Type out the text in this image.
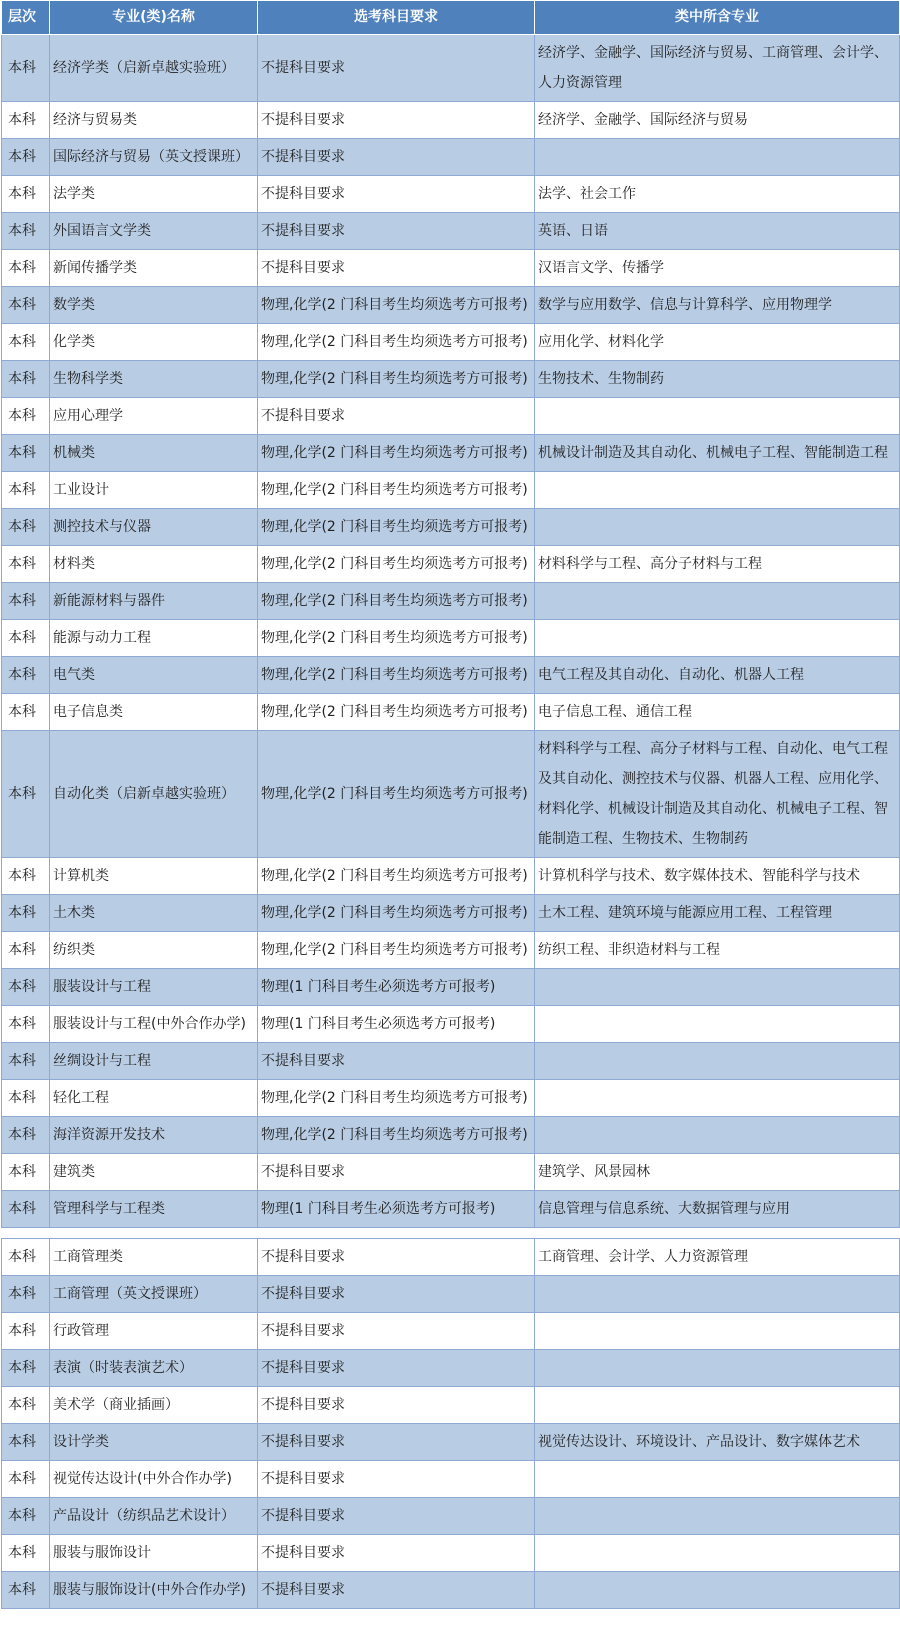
层次	专业(类)名称	选考科目要求	类中所含专业
本科	经济学类（启新卓越实验班）	不提科目要求	经济学、金融学、国际经济与贸易、工商管理、会计学、人力资源管理
本科	经济与贸易类	不提科目要求	经济学、金融学、国际经济与贸易
本科	国际经济与贸易（英文授课班）	不提科目要求	
本科	法学类	不提科目要求	法学、社会工作
本科	外国语言文学类	不提科目要求	英语、日语
本科	新闻传播学类	不提科目要求	汉语言文学、传播学
本科	数学类	物理,化学(2 门科目考生均须选考方可报考)	数学与应用数学、信息与计算科学、应用物理学
本科	化学类	物理,化学(2 门科目考生均须选考方可报考)	应用化学、材料化学
本科	生物科学类	物理,化学(2 门科目考生均须选考方可报考)	生物技术、生物制药
本科	应用心理学	不提科目要求	
本科	机械类	物理,化学(2 门科目考生均须选考方可报考)	机械设计制造及其自动化、机械电子工程、智能制造工程
本科	工业设计	物理,化学(2 门科目考生均须选考方可报考)	
本科	测控技术与仪器	物理,化学(2 门科目考生均须选考方可报考)	
本科	材料类	物理,化学(2 门科目考生均须选考方可报考)	材料科学与工程、高分子材料与工程
本科	新能源材料与器件	物理,化学(2 门科目考生均须选考方可报考)	
本科	能源与动力工程	物理,化学(2 门科目考生均须选考方可报考)	
本科	电气类	物理,化学(2 门科目考生均须选考方可报考)	电气工程及其自动化、自动化、机器人工程
本科	电子信息类	物理,化学(2 门科目考生均须选考方可报考)	电子信息工程、通信工程
本科	自动化类（启新卓越实验班）	物理,化学(2 门科目考生均须选考方可报考)	材料科学与工程、高分子材料与工程、自动化、电气工程及其自动化、测控技术与仪器、机器人工程、应用化学、材料化学、机械设计制造及其自动化、机械电子工程、智能制造工程、生物技术、生物制药
本科	计算机类	物理,化学(2 门科目考生均须选考方可报考)	计算机科学与技术、数字媒体技术、智能科学与技术
本科	土木类	物理,化学(2 门科目考生均须选考方可报考)	土木工程、建筑环境与能源应用工程、工程管理
本科	纺织类	物理,化学(2 门科目考生均须选考方可报考)	纺织工程、非织造材料与工程
本科	服装设计与工程	物理(1 门科目考生必须选考方可报考)	
本科	服装设计与工程(中外合作办学)	物理(1 门科目考生必须选考方可报考)	
本科	丝绸设计与工程	不提科目要求	
本科	轻化工程	物理,化学(2 门科目考生均须选考方可报考)	
本科	海洋资源开发技术	物理,化学(2 门科目考生均须选考方可报考)	
本科	建筑类	不提科目要求	建筑学、风景园林
本科	管理科学与工程类	物理(1 门科目考生必须选考方可报考)	信息管理与信息系统、大数据管理与应用
本科	工商管理类	不提科目要求	工商管理、会计学、人力资源管理
本科	工商管理（英文授课班）	不提科目要求	
本科	行政管理	不提科目要求	
本科	表演（时装表演艺术）	不提科目要求	
本科	美术学（商业插画）	不提科目要求	
本科	设计学类	不提科目要求	视觉传达设计、环境设计、产品设计、数字媒体艺术
本科	视觉传达设计(中外合作办学)	不提科目要求	
本科	产品设计（纺织品艺术设计）	不提科目要求	
本科	服装与服饰设计	不提科目要求	
本科	服装与服饰设计(中外合作办学)	不提科目要求	
